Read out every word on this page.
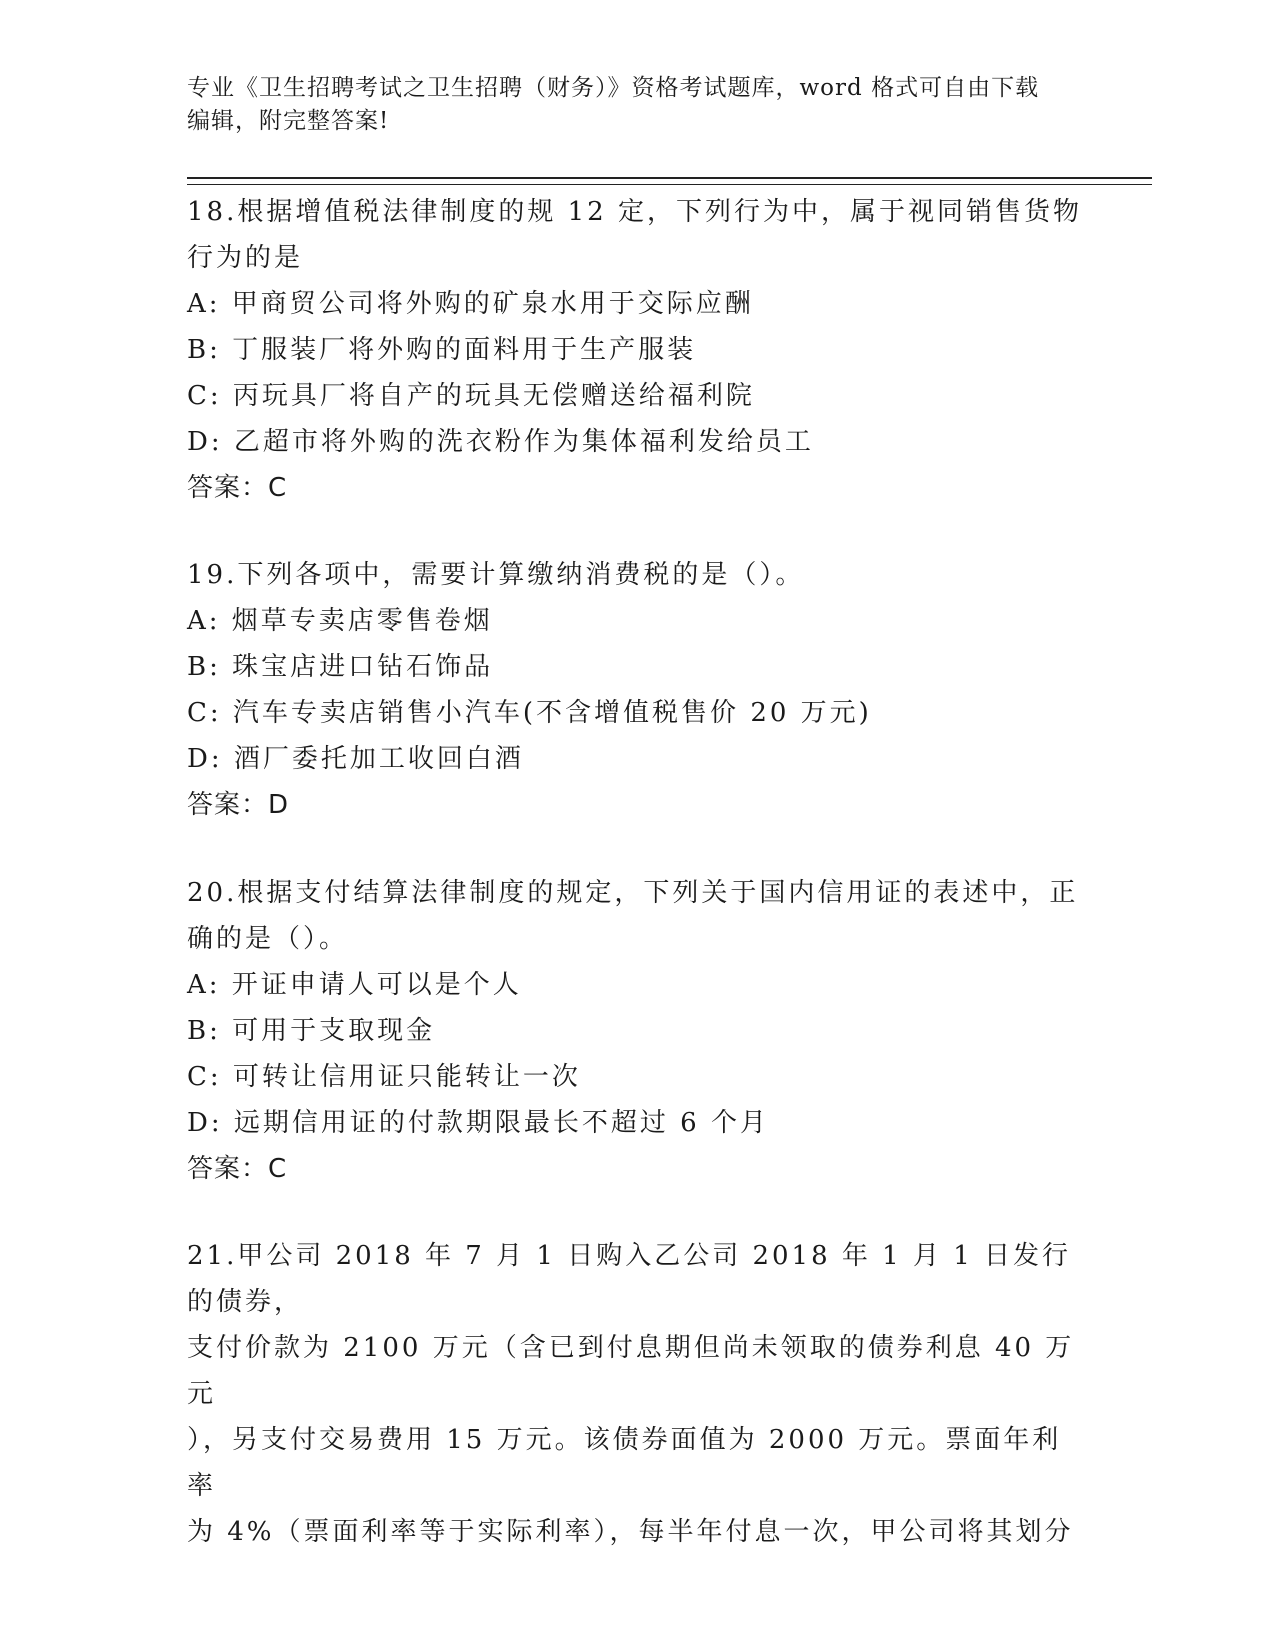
专业《卫生招聘考试之卫生招聘（财务）》资格考试题库，word 格式可自由下载
编辑，附完整答案!
18.根据增值税法律制度的规 12 定，下列行为中，属于视同销售货物
行为的是
A: 甲商贸公司将外购的矿泉水用于交际应酬
B: 丁服装厂将外购的面料用于生产服装
C: 丙玩具厂将自产的玩具无偿赠送给福利院
D: 乙超市将外购的洗衣粉作为集体福利发给员工
答案：C
19.下列各项中，需要计算缴纳消费税的是（）。
A: 烟草专卖店零售卷烟
B: 珠宝店进口钻石饰品
C: 汽车专卖店销售小汽车(不含增值税售价 20 万元)
D: 酒厂委托加工收回白酒
答案：D
20.根据支付结算法律制度的规定，下列关于国内信用证的表述中，正
确的是（）。
A: 开证申请人可以是个人
B: 可用于支取现金
C: 可转让信用证只能转让一次
D: 远期信用证的付款期限最长不超过 6 个月
答案：C
21.甲公司 2018 年 7 月 1 日购入乙公司 2018 年 1 月 1 日发行的债券，
支付价款为 2100 万元（含已到付息期但尚未领取的债券利息 40 万元
），另支付交易费用 15 万元。该债券面值为 2000 万元。票面年利率
为 4%（票面利率等于实际利率），每半年付息一次，甲公司将其划分
